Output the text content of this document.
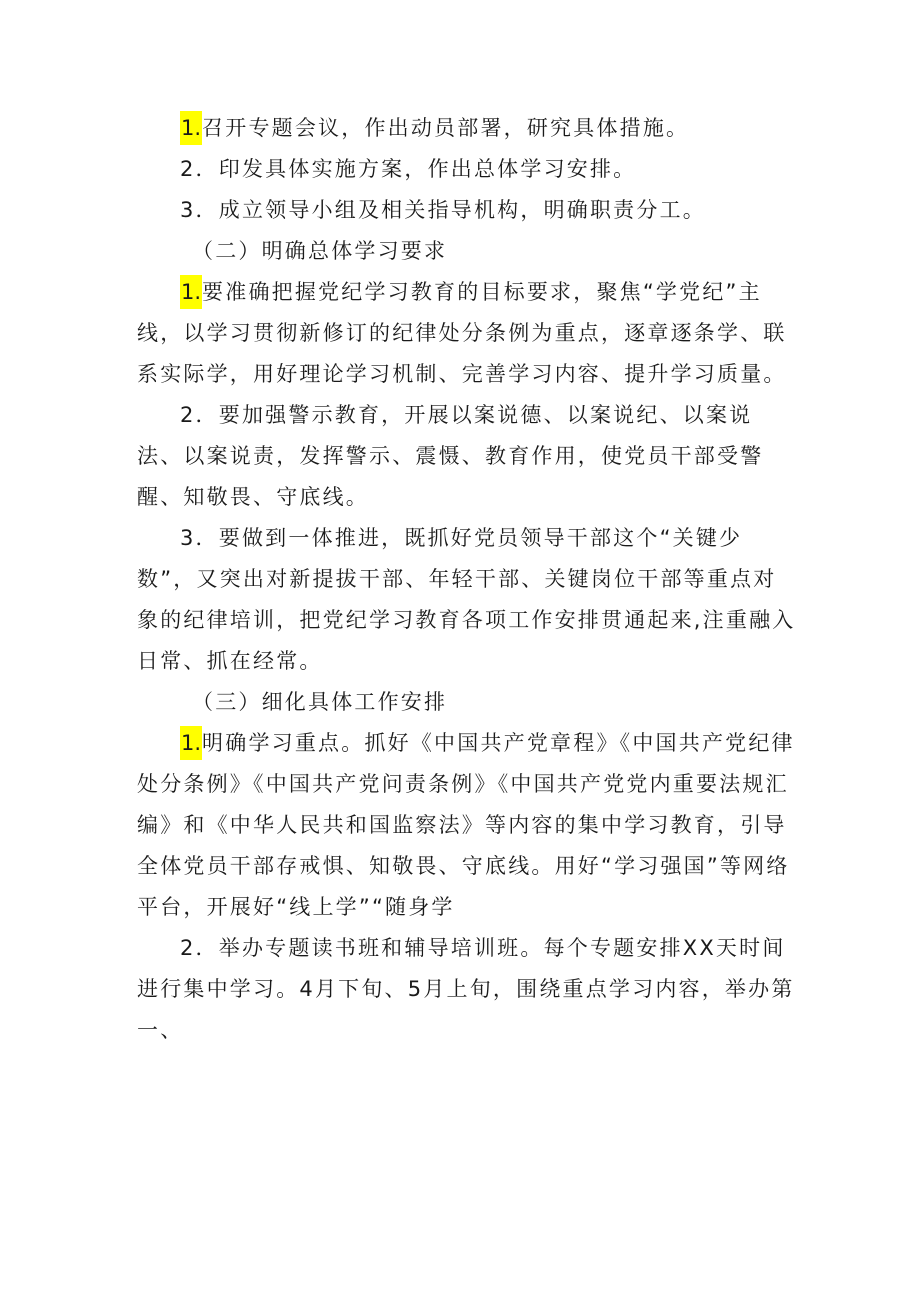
1.召开专题会议，作出动员部署，研究具体措施。

2．印发具体实施方案，作出总体学习安排。

3．成立领导小组及相关指导机构，明确职责分工。

（二）明确总体学习要求

1.要准确把握党纪学习教育的目标要求，聚焦“学党纪”主线，以学习贯彻新修订的纪律处分条例为重点，逐章逐条学、联系实际学，用好理论学习机制、完善学习内容、提升学习质量。

2．要加强警示教育，开展以案说德、以案说纪、以案说法、以案说责，发挥警示、震慑、教育作用，使党员干部受警醒、知敬畏、守底线。

3．要做到一体推进，既抓好党员领导干部这个“关键少数”，又突出对新提拔干部、年轻干部、关键岗位干部等重点对象的纪律培训，把党纪学习教育各项工作安排贯通起来,注重融入日常、抓在经常。

（三）细化具体工作安排

1.明确学习重点。抓好《中国共产党章程》《中国共产党纪律处分条例》《中国共产党问责条例》《中国共产党党内重要法规汇编》和《中华人民共和国监察法》等内容的集中学习教育，引导全体党员干部存戒惧、知敬畏、守底线。用好“学习强国”等网络平台，开展好“线上学”“随身学

2．举办专题读书班和辅导培训班。每个专题安排XX天时间进行集中学习。4月下旬、5月上旬，围绕重点学习内容，举办第一、
